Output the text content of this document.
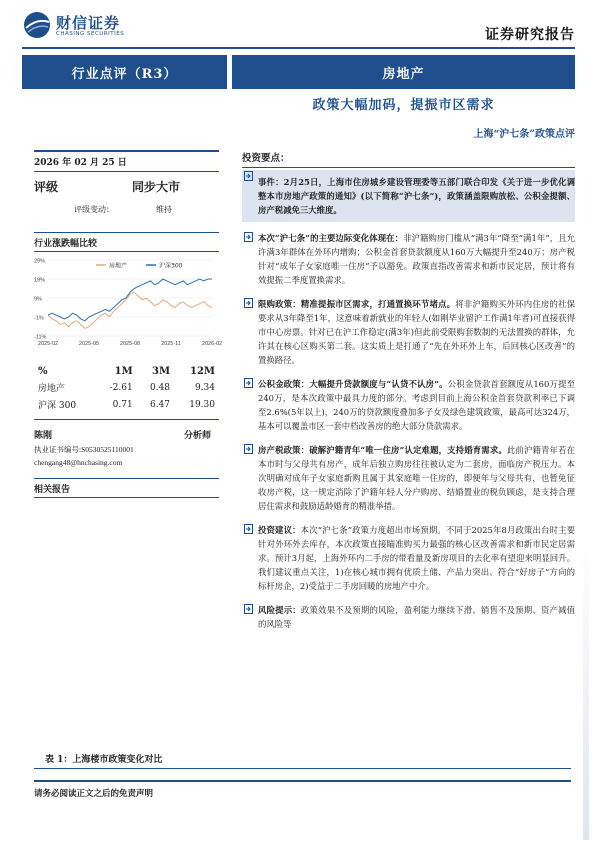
财信证券
CHASING SECURITIES	证券研究报告
行业点评（R3）	房地产
政策大幅加码，提振市区需求
上海“沪七条”政策点评
2026 年 02 月 25 日
评级	同步大市
评级变动：	维持
行业涨跌幅比较
29%
19%
9%
-1%
-11%
2025-02	2025-05	2025-08	2025-11	2026-02
房地产	沪深300
%	1M	3M	12M
房地产	-2.61	0.48	9.34
沪深 300	0.71	6.47	19.30
陈刚	分析师
执业证书编号:S0530525110001
chengang48@hnchasing.com
相关报告
投资要点：
事件：2月25日，上海市住房城乡建设管理委等五部门联合印发《关于进一步优化调整本市房地产政策的通知》(以下简称“沪七条”)，政策涵盖限购放松、公积金提额、房产税减免三大维度。
本次“沪七条”的主要边际变化体现在：非沪籍购房门槛从“满3年”降至“满1年”，且允许满3年群体在外环内增购；公积金首套贷款额度从160万大幅提升至240万；房产税针对“成年子女家庭唯一住房”予以豁免。政策直指改善需求和新市民定居，预计将有效提振二季度置换需求。
限购政策：精准提振市区需求，打通置换环节堵点。将非沪籍购买外环内住房的社保要求从3年降至1年，这意味着新就业的年轻人(如刚毕业留沪工作满1年者)可直接获得市中心房票。针对已在沪工作稳定(满3年)但此前受限购套数制约无法置换的群体，允许其在核心区购买第二套。这实质上是打通了“先在外环外上车，后回核心区改善”的置换路径。
公积金政策：大幅提升贷款额度与“认贷不认房”。公积金贷款首套额度从160万提至240万，是本次政策中最具力度的部分。考虑到目前上海公积金首套贷款利率已下调至2.6%(5年以上)，240万的贷款额度叠加多子女及绿色建筑政策，最高可达324万，基本可以覆盖市区一套中档改善房的绝大部分贷款需求。
房产税政策：破解沪籍青年“唯一住房”认定难题，支持婚育需求。此前沪籍青年若在本市时与父母共有房产，成年后独立购房往往被认定为二套房，面临房产税压力。本次明确对成年子女家庭新购且属于其家庭唯一住房的，即便年与父母共有，也暂免征收房产税，这一规定消除了沪籍年轻人分户购房、结婚置业的税负顾虑，是支持合理居住需求和鼓励适龄婚育的精准举措。
投资建议：本次“沪七条”政策力度超出市场预期。不同于2025年8月政策出台时主要针对外环外去库存，本次政策直接瞄准购买力最强的核心区改善需求和新市民定居需求。预计3月起，上海外环内二手房的带看量及新房项目的去化率有望迎来明显回升。我们建议重点关注，1)在核心城市拥有优质土储、产品力突出、符合“好房子”方向的标杆房企，2)受益于二手房回暖的房地产中介。
风险提示：政策效果不及预期的风险，盈利能力继续下滑、销售不及预期、资产减值的风险等
表 1：上海楼市政策变化对比
请务必阅读正文之后的免责声明
